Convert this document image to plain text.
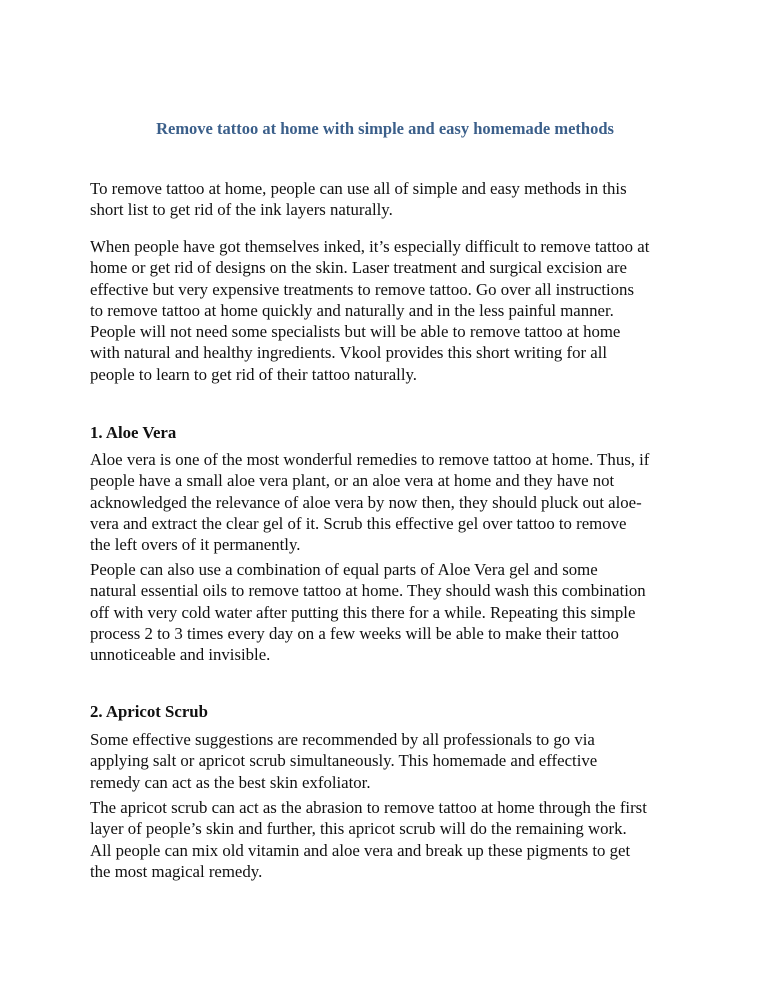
Remove tattoo at home with simple and easy homemade methods

To remove tattoo at home, people can use all of simple and easy methods in this
short list to get rid of the ink layers naturally.

When people have got themselves inked, it’s especially difficult to remove tattoo at
home or get rid of designs on the skin. Laser treatment and surgical excision are
effective but very expensive treatments to remove tattoo. Go over all instructions
to remove tattoo at home quickly and naturally and in the less painful manner.
People will not need some specialists but will be able to remove tattoo at home
with natural and healthy ingredients. Vkool provides this short writing for all
people to learn to get rid of their tattoo naturally.

1. Aloe Vera

Aloe vera is one of the most wonderful remedies to remove tattoo at home. Thus, if
people have a small aloe vera plant, or an aloe vera at home and they have not
acknowledged the relevance of aloe vera by now then, they should pluck out aloe-
vera and extract the clear gel of it. Scrub this effective gel over tattoo to remove
the left overs of it permanently.

People can also use a combination of equal parts of Aloe Vera gel and some
natural essential oils to remove tattoo at home. They should wash this combination
off with very cold water after putting this there for a while. Repeating this simple
process 2 to 3 times every day on a few weeks will be able to make their tattoo
unnoticeable and invisible.

2. Apricot Scrub

Some effective suggestions are recommended by all professionals to go via
applying salt or apricot scrub simultaneously. This homemade and effective
remedy can act as the best skin exfoliator.

The apricot scrub can act as the abrasion to remove tattoo at home through the first
layer of people’s skin and further, this apricot scrub will do the remaining work.
All people can mix old vitamin and aloe vera and break up these pigments to get
the most magical remedy.
